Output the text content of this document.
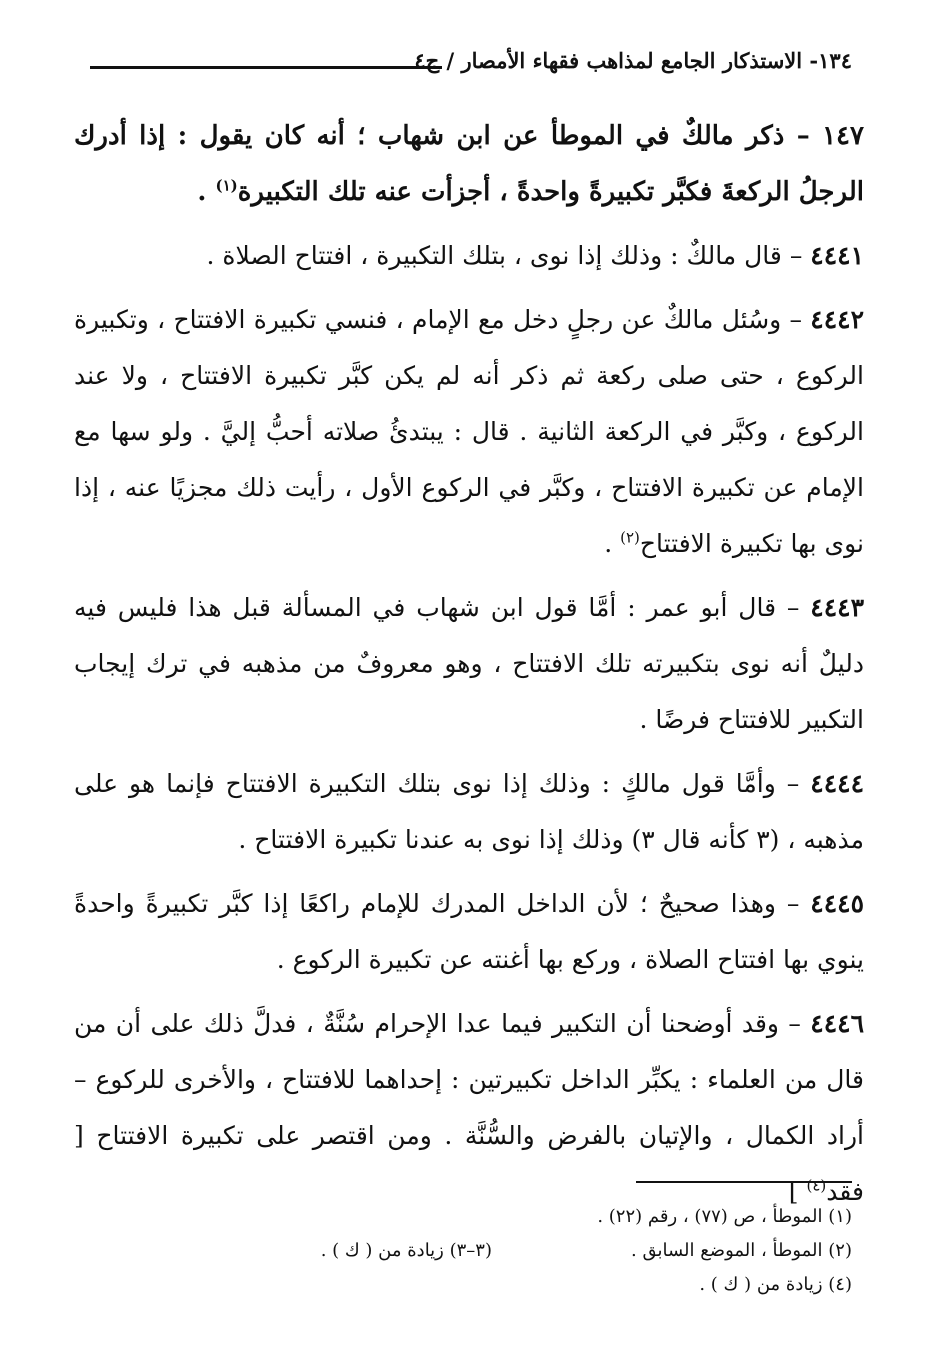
١٣٤- الاستذكار الجامع لمذاهب فقهاء الأمصار / ج٤

١٤٧ – ذكر مالكٌ في الموطأ عن ابن شهاب ؛ أنه كان يقول : إذا أدرك الرجلُ الركعةَ فكبَّر تكبيرةً واحدةً ، أجزأت عنه تلك التكبيرة$^{(١)}$ .

٤٤٤١ – قال مالكٌ : وذلك إذا نوى ، بتلك التكبيرة ، افتتاح الصلاة .

٤٤٤٢ – وسُئل مالكٌ عن رجلٍ دخل مع الإمام ، فنسي تكبيرة الافتتاح ، وتكبيرة الركوع ، حتى صلى ركعة ثم ذكر أنه لم يكن كبَّر تكبيرة الافتتاح ، ولا عند الركوع ، وكبَّر في الركعة الثانية . قال : يبتدئُ صلاته أحبُّ إليَّ . ولو سها مع الإمام عن تكبيرة الافتتاح ، وكبَّر في الركوع الأول ، رأيت ذلك مجزيًا عنه ، إذا نوى بها تكبيرة الافتتاح$^{(٢)}$ .

٤٤٤٣ – قال أبو عمر : أمَّا قول ابن شهاب في المسألة قبل هذا فليس فيه دليلٌ أنه نوى بتكبيرته تلك الافتتاح ، وهو معروفٌ من مذهبه في ترك إيجاب التكبير للافتتاح فرضًا .

٤٤٤٤ – وأمَّا قول مالكٍ : وذلك إذا نوى بتلك التكبيرة الافتتاح فإنما هو على مذهبه ، (٣ كأنه قال ٣) وذلك إذا نوى به عندنا تكبيرة الافتتاح .

٤٤٤٥ – وهذا صحيحٌ ؛ لأن الداخل المدرك للإمام راكعًا إذا كبَّر تكبيرةً واحدةً ينوي بها افتتاح الصلاة ، وركع بها أغنته عن تكبيرة الركوع .

٤٤٤٦ – وقد أوضحنا أن التكبير فيما عدا الإحرام سُنَّةٌ ، فدلَّ ذلك على أن من قال من العلماء : يكبِّر الداخل تكبيرتين : إحداهما للافتتاح ، والأخرى للركوع – أراد الكمال ، والإتيان بالفرض والسُّنَّة . ومن اقتصر على تكبيرة الافتتاح [ فقد$^{(٤)}$ ]

(١) الموطأ ، ص (٧٧) ، رقم (٢٢) .
(٢) الموطأ ، الموضع السابق .
(٣–٣) زيادة من ( ك ) .
(٤) زيادة من ( ك ) .
